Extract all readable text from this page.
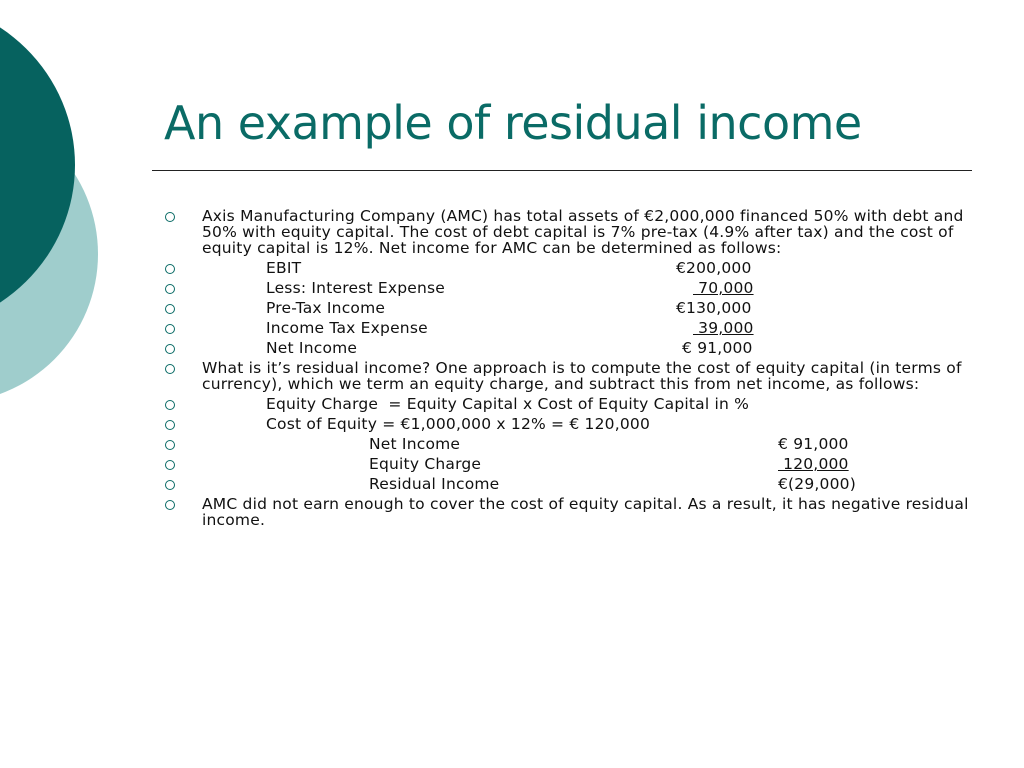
An example of residual income
Axis Manufacturing Company (AMC) has total assets of €2,000,000 financed 50% with debt and 50% with equity capital. The cost of debt capital is 7% pre-tax (4.9% after tax) and the cost of equity capital is 12%. Net income for AMC can be determined as follows:
EBIT	€200,000
Less: Interest Expense	70,000
Pre-Tax Income	€130,000
Income Tax Expense	39,000
Net Income	€ 91,000
What is it’s residual income? One approach is to compute the cost of equity capital (in terms of currency), which we term an equity charge, and subtract this from net income, as follows:
Equity Charge  = Equity Capital x Cost of Equity Capital in %
Cost of Equity = €1,000,000 x 12% = € 120,000
Net Income	€ 91,000
Equity Charge	120,000
Residual Income	€(29,000)
AMC did not earn enough to cover the cost of equity capital. As a result, it has negative residual income.
